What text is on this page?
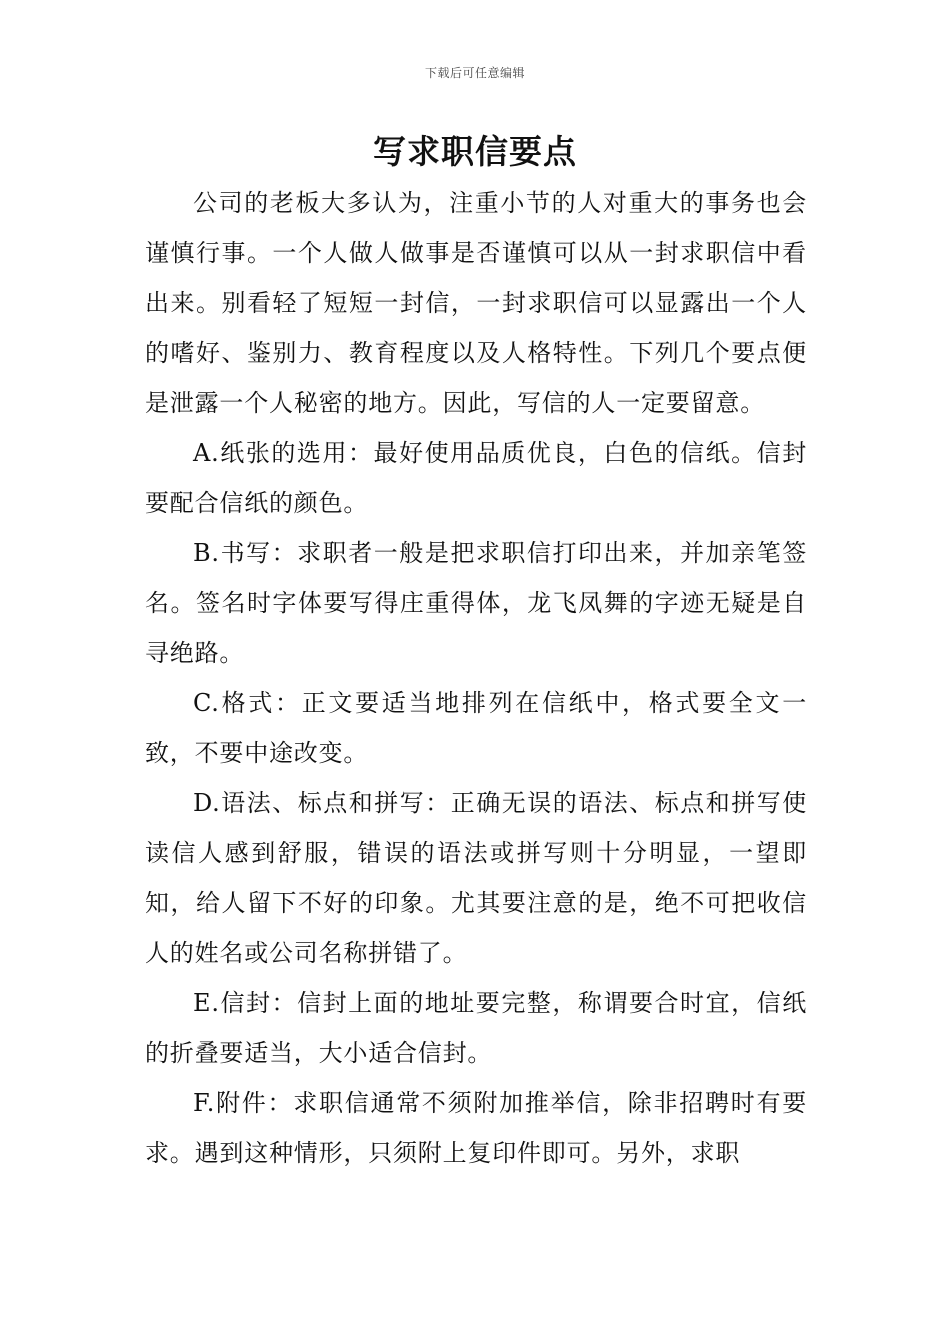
下载后可任意编辑
写求职信要点

公司的老板大多认为，注重小节的人对重大的事务也会谨慎行事。一个人做人做事是否谨慎可以从一封求职信中看出来。别看轻了短短一封信，一封求职信可以显露出一个人的嗜好、鉴别力、教育程度以及人格特性。下列几个要点便是泄露一个人秘密的地方。因此，写信的人一定要留意。

A.纸张的选用：最好使用品质优良，白色的信纸。信封要配合信纸的颜色。

B.书写：求职者一般是把求职信打印出来，并加亲笔签名。签名时字体要写得庄重得体，龙飞凤舞的字迹无疑是自寻绝路。

C.格式：正文要适当地排列在信纸中，格式要全文一致，不要中途改变。

D.语法、标点和拼写：正确无误的语法、标点和拼写使读信人感到舒服，错误的语法或拼写则十分明显，一望即知，给人留下不好的印象。尤其要注意的是，绝不可把收信人的姓名或公司名称拼错了。

E.信封：信封上面的地址要完整，称谓要合时宜，信纸的折叠要适当，大小适合信封。

F.附件：求职信通常不须附加推举信，除非招聘时有要求。遇到这种情形，只须附上复印件即可。另外，求职
